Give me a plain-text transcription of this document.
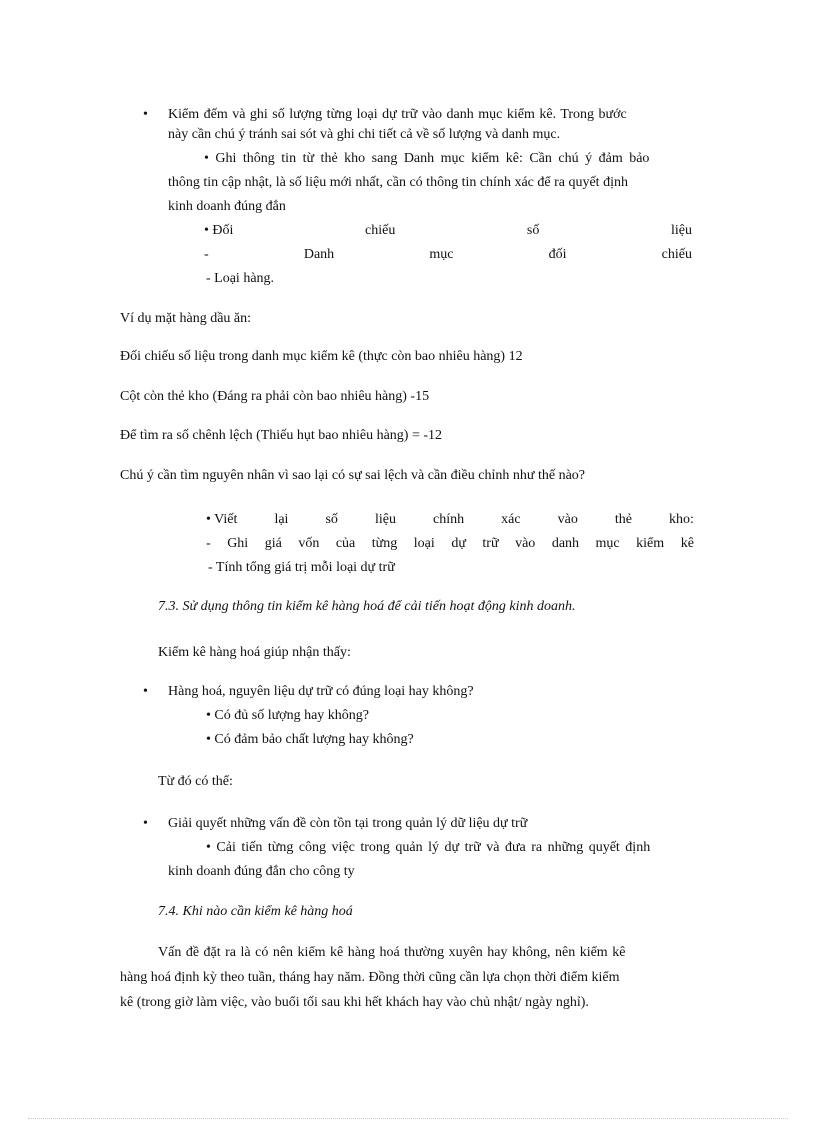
• Kiểm đếm và ghi số lượng từng loại dự trữ vào danh mục kiểm kê. Trong bước
này cần chú ý tránh sai sót và ghi chi tiết cả về số lượng và danh mục.
• Ghi thông tin từ thẻ kho sang Danh mục kiểm kê: Cần chú ý đảm bảo
thông tin cập nhật, là số liệu mới nhất, cần có thông tin chính xác để ra quyết định
kinh doanh đúng đắn
• Đối	chiếu	số	liệu
-	Danh	mục	đối	chiếu
- Loại hàng.
Ví dụ mặt hàng dầu ăn:
Đối chiếu số liệu trong danh mục kiểm kê (thực còn bao nhiêu hàng) 12
Cột còn thẻ kho (Đáng ra phải còn bao nhiêu hàng) -15
Để tìm ra số chênh lệch (Thiếu hụt bao nhiêu hàng) = -12
Chú ý cần tìm nguyên nhân vì sao lại có sự sai lệch và cần điều chỉnh như thế nào?
• Viết	lại	số	liệu	chính	xác	vào	thẻ	kho:
- Ghi giá vốn của từng loại dự trữ vào danh mục kiểm kê
- Tính tổng giá trị mỗi loại dự trữ
7.3. Sử dụng thông tin kiểm kê hàng hoá để cải tiến hoạt động kinh doanh.
Kiểm kê hàng hoá giúp nhận thấy:
• Hàng hoá, nguyên liệu dự trữ có đúng loại hay không?
• Có đủ số lượng hay không?
• Có đảm bảo chất lượng hay không?
Từ đó có thể:
• Giải quyết những vấn đề còn tồn tại trong quản lý dữ liệu dự trữ
• Cải tiến từng công việc trong quản lý dự trữ và đưa ra những quyết định
kinh doanh đúng đắn cho công ty
7.4. Khi nào cần kiểm kê hàng hoá
Vấn đề đặt ra là có nên kiểm kê hàng hoá thường xuyên hay không, nên kiểm kê
hàng hoá định kỳ theo tuần, tháng hay năm. Đồng thời cũng cần lựa chọn thời điểm kiểm
kê (trong giờ làm việc, vào buổi tối sau khi hết khách hay vào chủ nhật/ ngày nghỉ).
